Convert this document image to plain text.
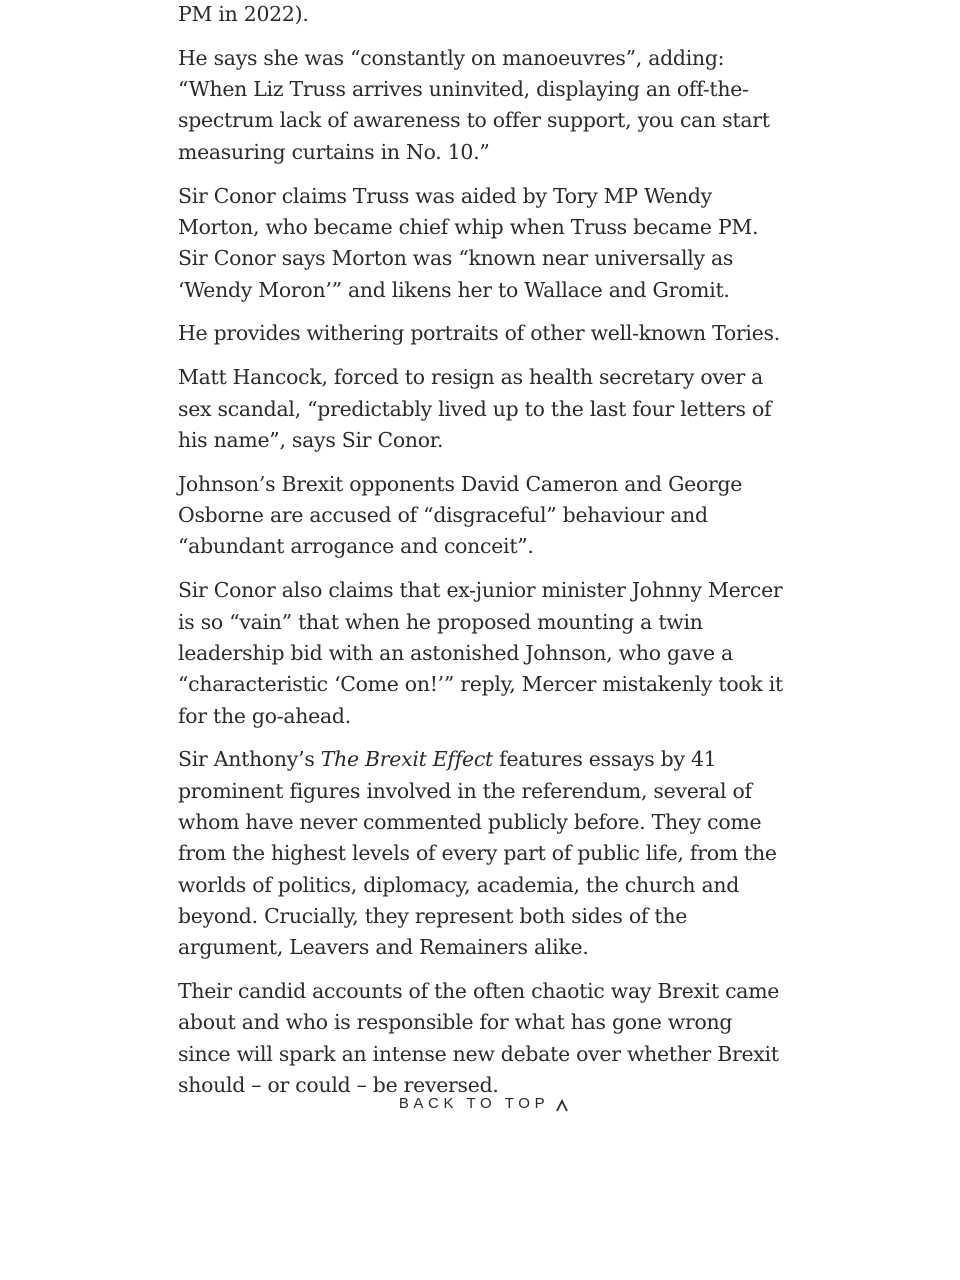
PM in 2022).

He says she was “constantly on manoeuvres”, adding: “When Liz Truss arrives uninvited, displaying an off-the-spectrum lack of awareness to offer support, you can start measuring curtains in No. 10.”

Sir Conor claims Truss was aided by Tory MP Wendy Morton, who became chief whip when Truss became PM. Sir Conor says Morton was “known near universally as ‘Wendy Moron’” and likens her to Wallace and Gromit.

He provides withering portraits of other well-known Tories.

Matt Hancock, forced to resign as health secretary over a sex scandal, “predictably lived up to the last four letters of his name”, says Sir Conor.

Johnson’s Brexit opponents David Cameron and George Osborne are accused of “disgraceful” behaviour and “abundant arrogance and conceit”.

Sir Conor also claims that ex-junior minister Johnny Mercer is so “vain” that when he proposed mounting a twin leadership bid with an astonished Johnson, who gave a “characteristic ‘Come on!’” reply, Mercer mistakenly took it for the go-ahead.

Sir Anthony’s The Brexit Effect features essays by 41 prominent figures involved in the referendum, several of whom have never commented publicly before. They come from the highest levels of every part of public life, from the worlds of politics, diplomacy, academia, the church and beyond. Crucially, they represent both sides of the argument, Leavers and Remainers alike.

Their candid accounts of the often chaotic way Brexit came about and who is responsible for what has gone wrong since will spark an intense new debate over whether Brexit should – or could – be reversed.

BACK TO TOP
